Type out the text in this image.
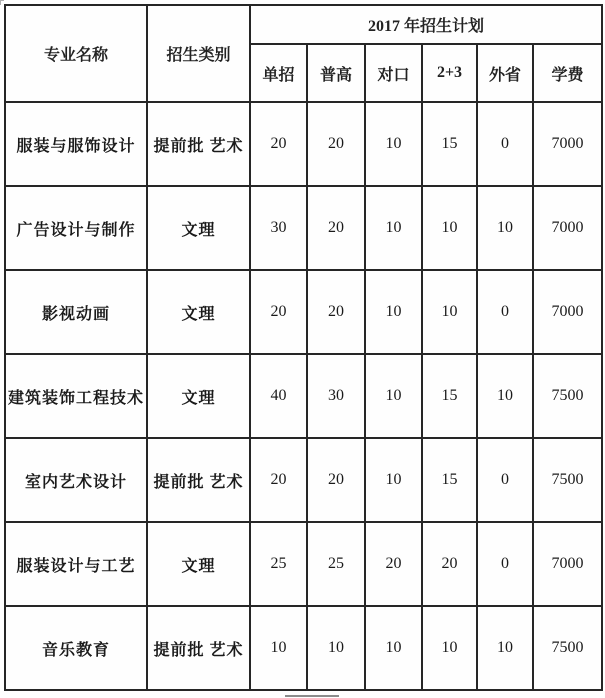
专业名称	招生类别	2017 年招生计划					
		单招	普高	对口	2+3	外省	学费
服装与服饰设计	提前批 艺术	20	20	10	15	0	7000
广告设计与制作	文理	30	20	10	10	10	7000
影视动画	文理	20	20	10	10	0	7000
建筑装饰工程技术	文理	40	30	10	15	10	7500
室内艺术设计	提前批 艺术	20	20	10	15	0	7500
服装设计与工艺	文理	25	25	20	20	0	7000
音乐教育	提前批 艺术	10	10	10	10	10	7500
